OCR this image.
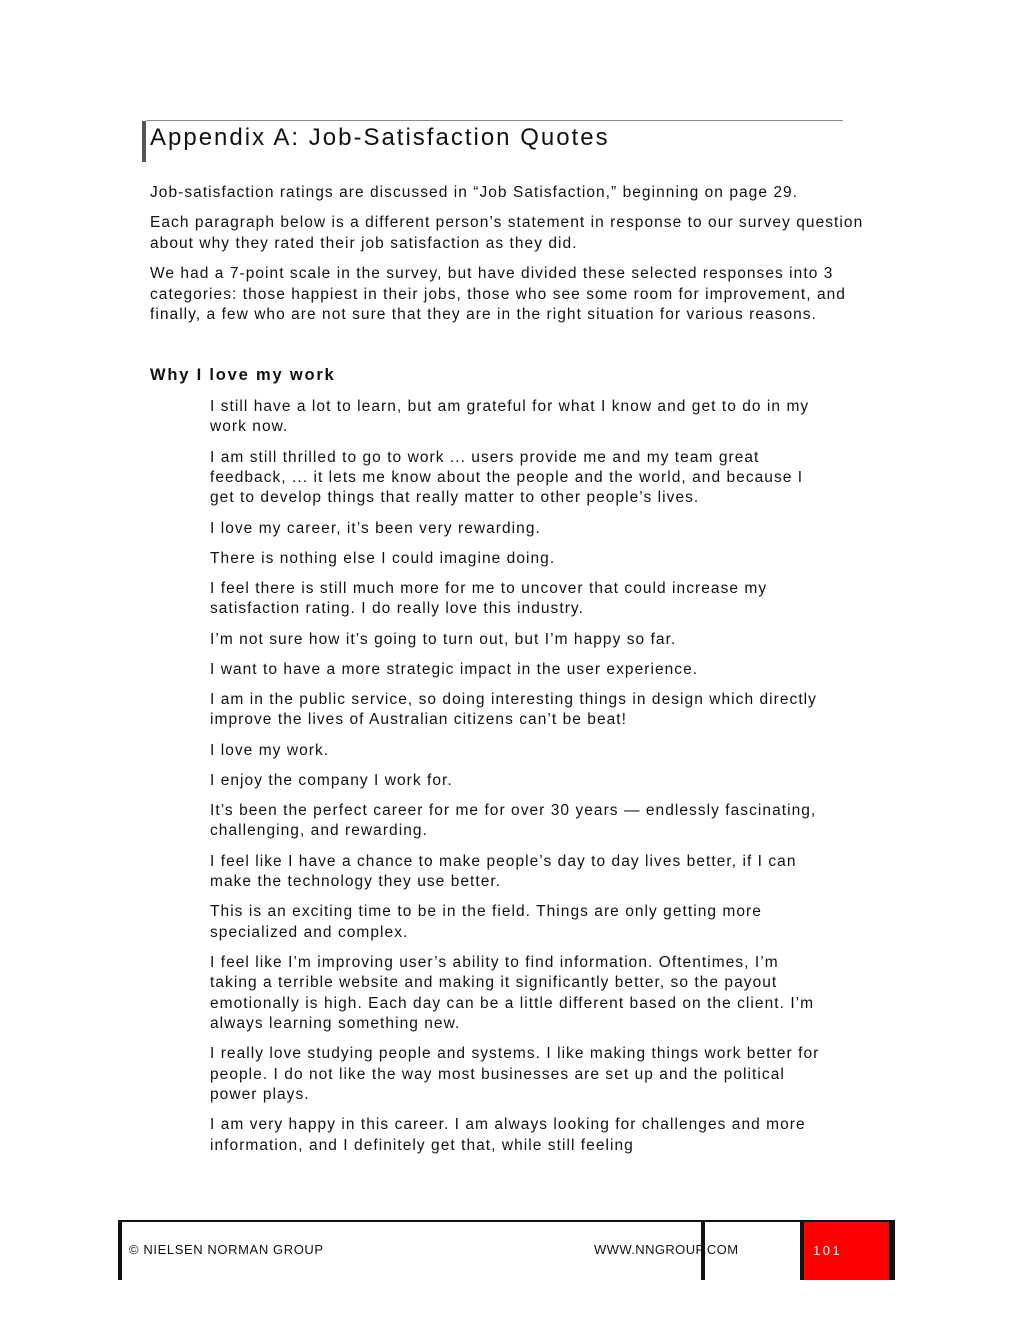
Appendix A: Job-Satisfaction Quotes

Job-satisfaction ratings are discussed in “Job Satisfaction,” beginning on page 29.

Each paragraph below is a different person’s statement in response to our survey question about why they rated their job satisfaction as they did.

We had a 7-point scale in the survey, but have divided these selected responses into 3 categories: those happiest in their jobs, those who see some room for improvement, and finally, a few who are not sure that they are in the right situation for various reasons.

Why I love my work

I still have a lot to learn, but am grateful for what I know and get to do in my work now.

I am still thrilled to go to work ... users provide me and my team great feedback, ... it lets me know about the people and the world, and because I get to develop things that really matter to other people’s lives.

I love my career, it’s been very rewarding.

There is nothing else I could imagine doing.

I feel there is still much more for me to uncover that could increase my satisfaction rating. I do really love this industry.

I’m not sure how it’s going to turn out, but I’m happy so far.

I want to have a more strategic impact in the user experience.

I am in the public service, so doing interesting things in design which directly improve the lives of Australian citizens can’t be beat!

I love my work.

I enjoy the company I work for.

It’s been the perfect career for me for over 30 years — endlessly fascinating, challenging, and rewarding.

I feel like I have a chance to make people’s day to day lives better, if I can make the technology they use better.

This is an exciting time to be in the field. Things are only getting more specialized and complex.

I feel like I’m improving user’s ability to find information. Oftentimes, I’m taking a terrible website and making it significantly better, so the payout emotionally is high. Each day can be a little different based on the client. I’m always learning something new.

I really love studying people and systems. I like making things work better for people. I do not like the way most businesses are set up and the political power plays.

I am very happy in this career. I am always looking for challenges and more information, and I definitely get that, while still feeling

© NIELSEN NORMAN GROUP	WWW.NNGROUP.COM	101
